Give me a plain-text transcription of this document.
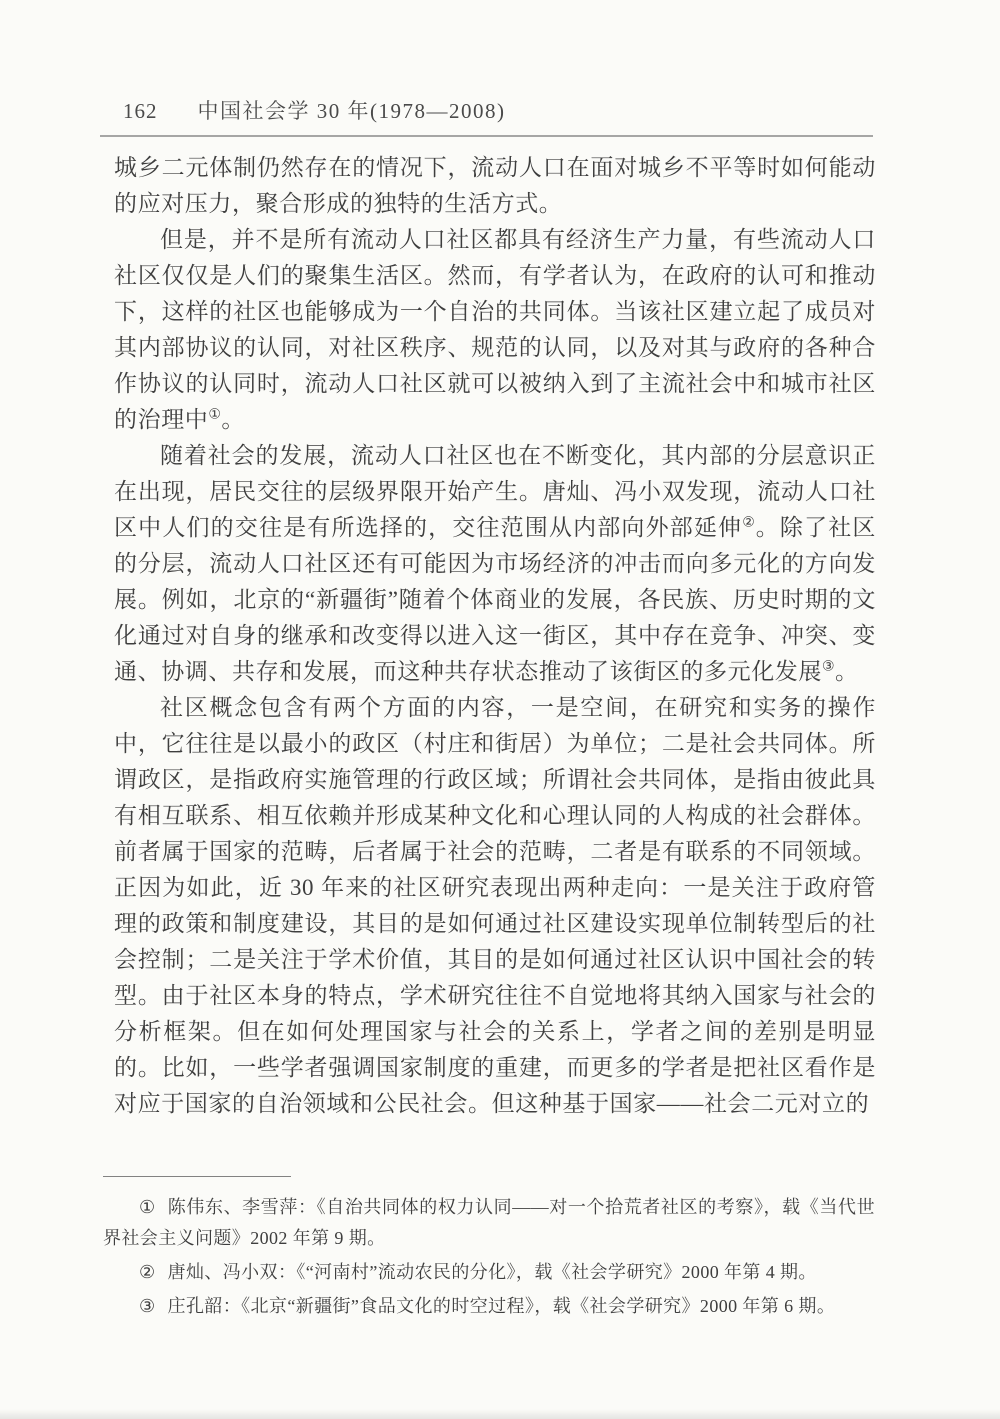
162 中国社会学 30 年(1978—2008)

城乡二元体制仍然存在的情况下，流动人口在面对城乡不平等时如何能动的应对压力，聚合形成的独特的生活方式。

但是，并不是所有流动人口社区都具有经济生产力量，有些流动人口社区仅仅是人们的聚集生活区。然而，有学者认为，在政府的认可和推动下，这样的社区也能够成为一个自治的共同体。当该社区建立起了成员对其内部协议的认同，对社区秩序、规范的认同，以及对其与政府的各种合作协议的认同时，流动人口社区就可以被纳入到了主流社会中和城市社区的治理中①。

随着社会的发展，流动人口社区也在不断变化，其内部的分层意识正在出现，居民交往的层级界限开始产生。唐灿、冯小双发现，流动人口社区中人们的交往是有所选择的，交往范围从内部向外部延伸②。除了社区的分层，流动人口社区还有可能因为市场经济的冲击而向多元化的方向发展。例如，北京的“新疆街”随着个体商业的发展，各民族、历史时期的文化通过对自身的继承和改变得以进入这一街区，其中存在竞争、冲突、变通、协调、共存和发展，而这种共存状态推动了该街区的多元化发展③。

社区概念包含有两个方面的内容，一是空间，在研究和实务的操作中，它往往是以最小的政区（村庄和街居）为单位；二是社会共同体。所谓政区，是指政府实施管理的行政区域；所谓社会共同体，是指由彼此具有相互联系、相互依赖并形成某种文化和心理认同的人构成的社会群体。前者属于国家的范畴，后者属于社会的范畴，二者是有联系的不同领域。正因为如此，近 30 年来的社区研究表现出两种走向：一是关注于政府管理的政策和制度建设，其目的是如何通过社区建设实现单位制转型后的社会控制；二是关注于学术价值，其目的是如何通过社区认识中国社会的转型。由于社区本身的特点，学术研究往往不自觉地将其纳入国家与社会的分析框架。但在如何处理国家与社会的关系上，学者之间的差别是明显的。比如，一些学者强调国家制度的重建，而更多的学者是把社区看作是对应于国家的自治领域和公民社会。但这种基于国家——社会二元对立的

① 陈伟东、李雪萍：《自治共同体的权力认同——对一个拾荒者社区的考察》，载《当代世界社会主义问题》2002 年第 9 期。

② 唐灿、冯小双：《“河南村”流动农民的分化》，载《社会学研究》2000 年第 4 期。

③ 庄孔韶：《北京“新疆街”食品文化的时空过程》，载《社会学研究》2000 年第 6 期。
